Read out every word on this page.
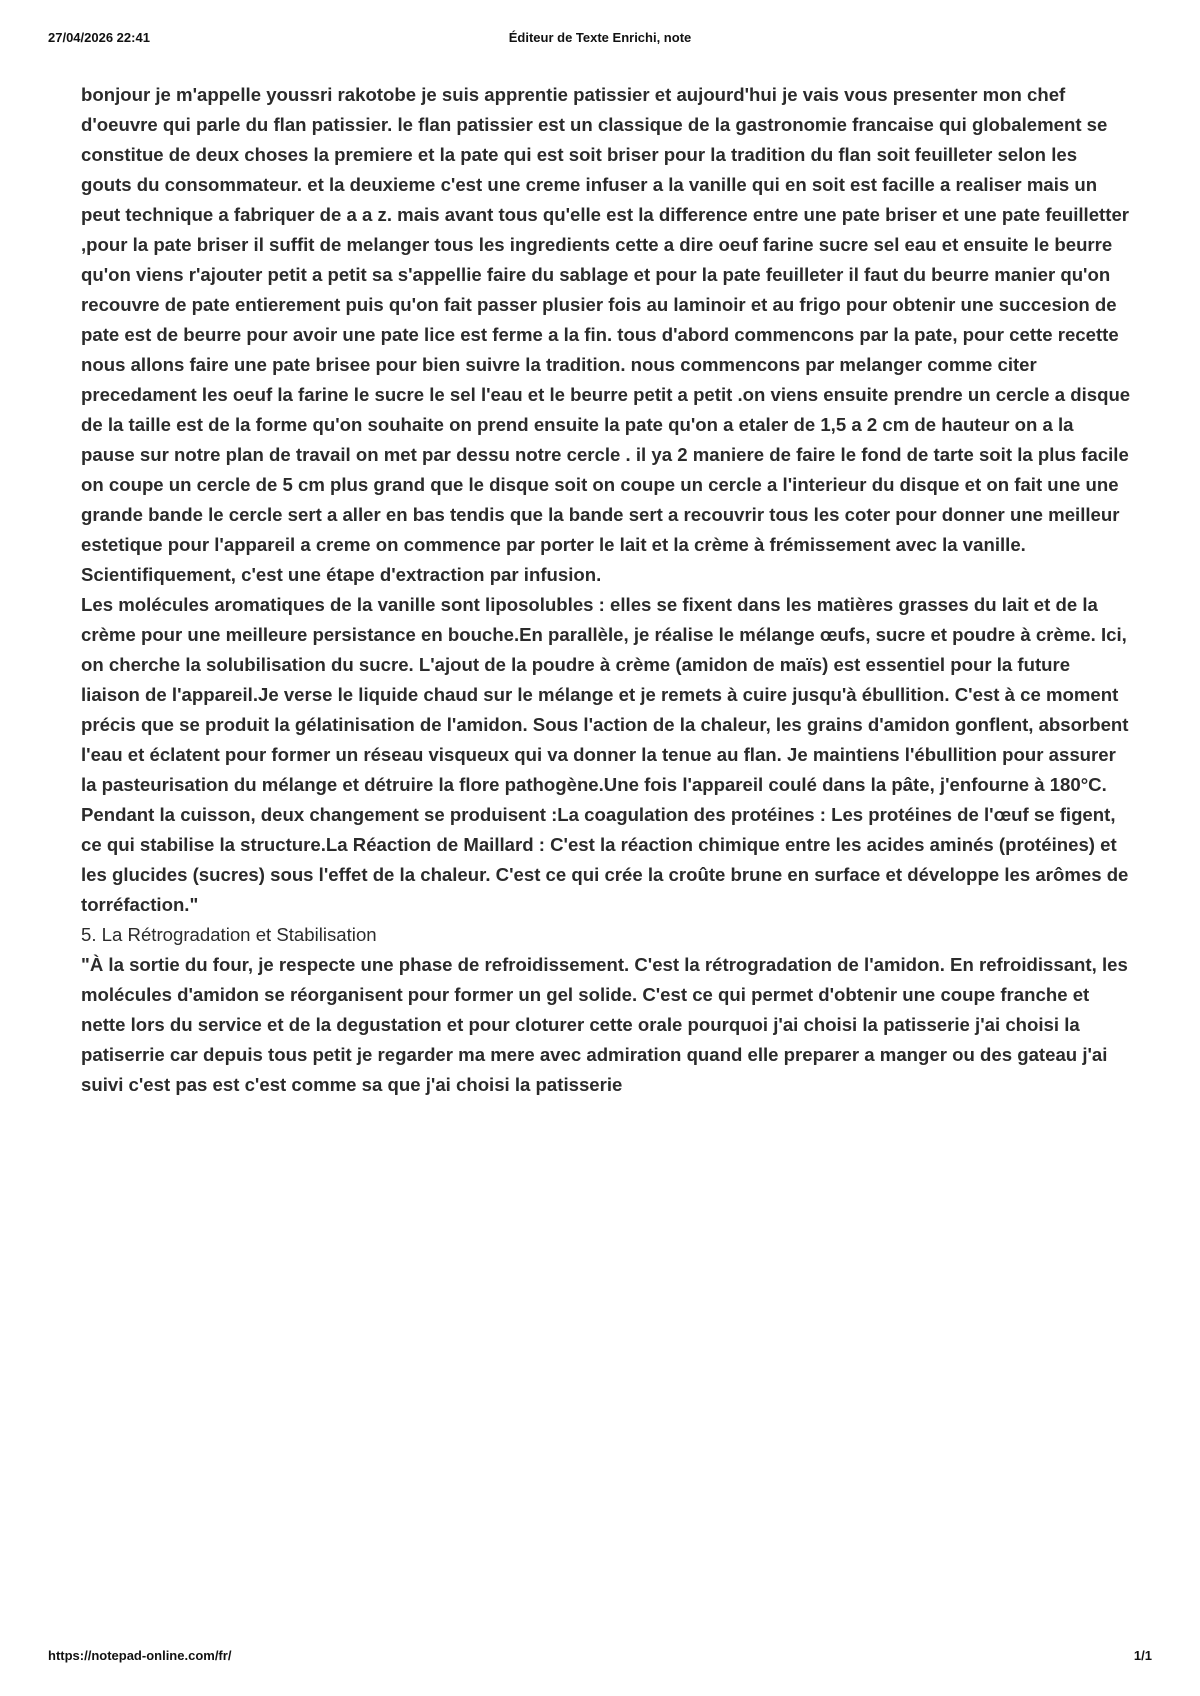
27/04/2026 22:41	Éditeur de Texte Enrichi, note

bonjour je m'appelle youssri rakotobe je suis apprentie patissier et aujourd'hui je vais vous presenter mon chef d'oeuvre qui parle du flan patissier. le flan patissier est un classique de la gastronomie francaise qui globalement se constitue de deux choses la premiere et la pate qui est soit briser pour la tradition du flan soit feuilleter selon les gouts du consommateur. et la deuxieme c'est une creme infuser a la vanille qui en soit est facille a realiser mais un peut technique a fabriquer de a a z. mais avant tous qu'elle est la difference entre une pate briser et une pate feuilletter ,pour la pate briser il suffit de melanger tous les ingredients cette a dire oeuf farine sucre sel eau et ensuite le beurre qu'on viens r'ajouter petit a petit sa s'appellie faire du sablage et pour la pate feuilleter il faut du beurre manier qu'on recouvre de pate entierement puis qu'on fait passer plusier fois au laminoir et au frigo pour obtenir une succesion de pate est de beurre pour avoir une pate lice est ferme a la fin. tous d'abord commencons par la pate, pour cette recette nous allons faire une pate brisee pour bien suivre la tradition. nous commencons par melanger comme citer precedament les oeuf la farine le sucre le sel l'eau et le beurre petit a petit .on viens ensuite prendre un cercle a disque de la taille est de la forme qu'on souhaite on prend ensuite la pate qu'on a etaler de 1,5 a 2 cm de hauteur on a la pause sur notre plan de travail on met par dessu notre cercle . il ya 2 maniere de faire le fond de tarte soit la plus facile on coupe un cercle de 5 cm plus grand que le disque soit on coupe un cercle a l'interieur du disque et on fait une une grande bande le cercle sert a aller en bas tendis que la bande sert a recouvrir tous les coter pour donner une meilleur estetique pour l'appareil a creme on commence par porter le lait et la crème à frémissement avec la vanille. Scientifiquement, c'est une étape d'extraction par infusion.

Les molécules aromatiques de la vanille sont liposolubles : elles se fixent dans les matières grasses du lait et de la crème pour une meilleure persistance en bouche.En parallèle, je réalise le mélange œufs, sucre et poudre à crème. Ici, on cherche la solubilisation du sucre. L'ajout de la poudre à crème (amidon de maïs) est essentiel pour la future liaison de l'appareil.Je verse le liquide chaud sur le mélange et je remets à cuire jusqu'à ébullition. C'est à ce moment précis que se produit la gélatinisation de l'amidon. Sous l'action de la chaleur, les grains d'amidon gonflent, absorbent l'eau et éclatent pour former un réseau visqueux qui va donner la tenue au flan. Je maintiens l'ébullition pour assurer la pasteurisation du mélange et détruire la flore pathogène.Une fois l'appareil coulé dans la pâte, j'enfourne à 180°C. Pendant la cuisson, deux changement se produisent :La coagulation des protéines : Les protéines de l'œuf se figent, ce qui stabilise la structure.La Réaction de Maillard : C'est la réaction chimique entre les acides aminés (protéines) et les glucides (sucres) sous l'effet de la chaleur. C'est ce qui crée la croûte brune en surface et développe les arômes de torréfaction."

5. La Rétrogradation et Stabilisation

"À la sortie du four, je respecte une phase de refroidissement. C'est la rétrogradation de l'amidon. En refroidissant, les molécules d'amidon se réorganisent pour former un gel solide. C'est ce qui permet d'obtenir une coupe franche et nette lors du service et de la degustation et pour cloturer cette orale pourquoi j'ai choisi la patisserie j'ai choisi la patiserrie car depuis tous petit je regarder ma mere avec admiration quand elle preparer a manger ou des gateau j'ai suivi c'est pas est c'est comme sa que j'ai choisi la patisserie

https://notepad-online.com/fr/	1/1
